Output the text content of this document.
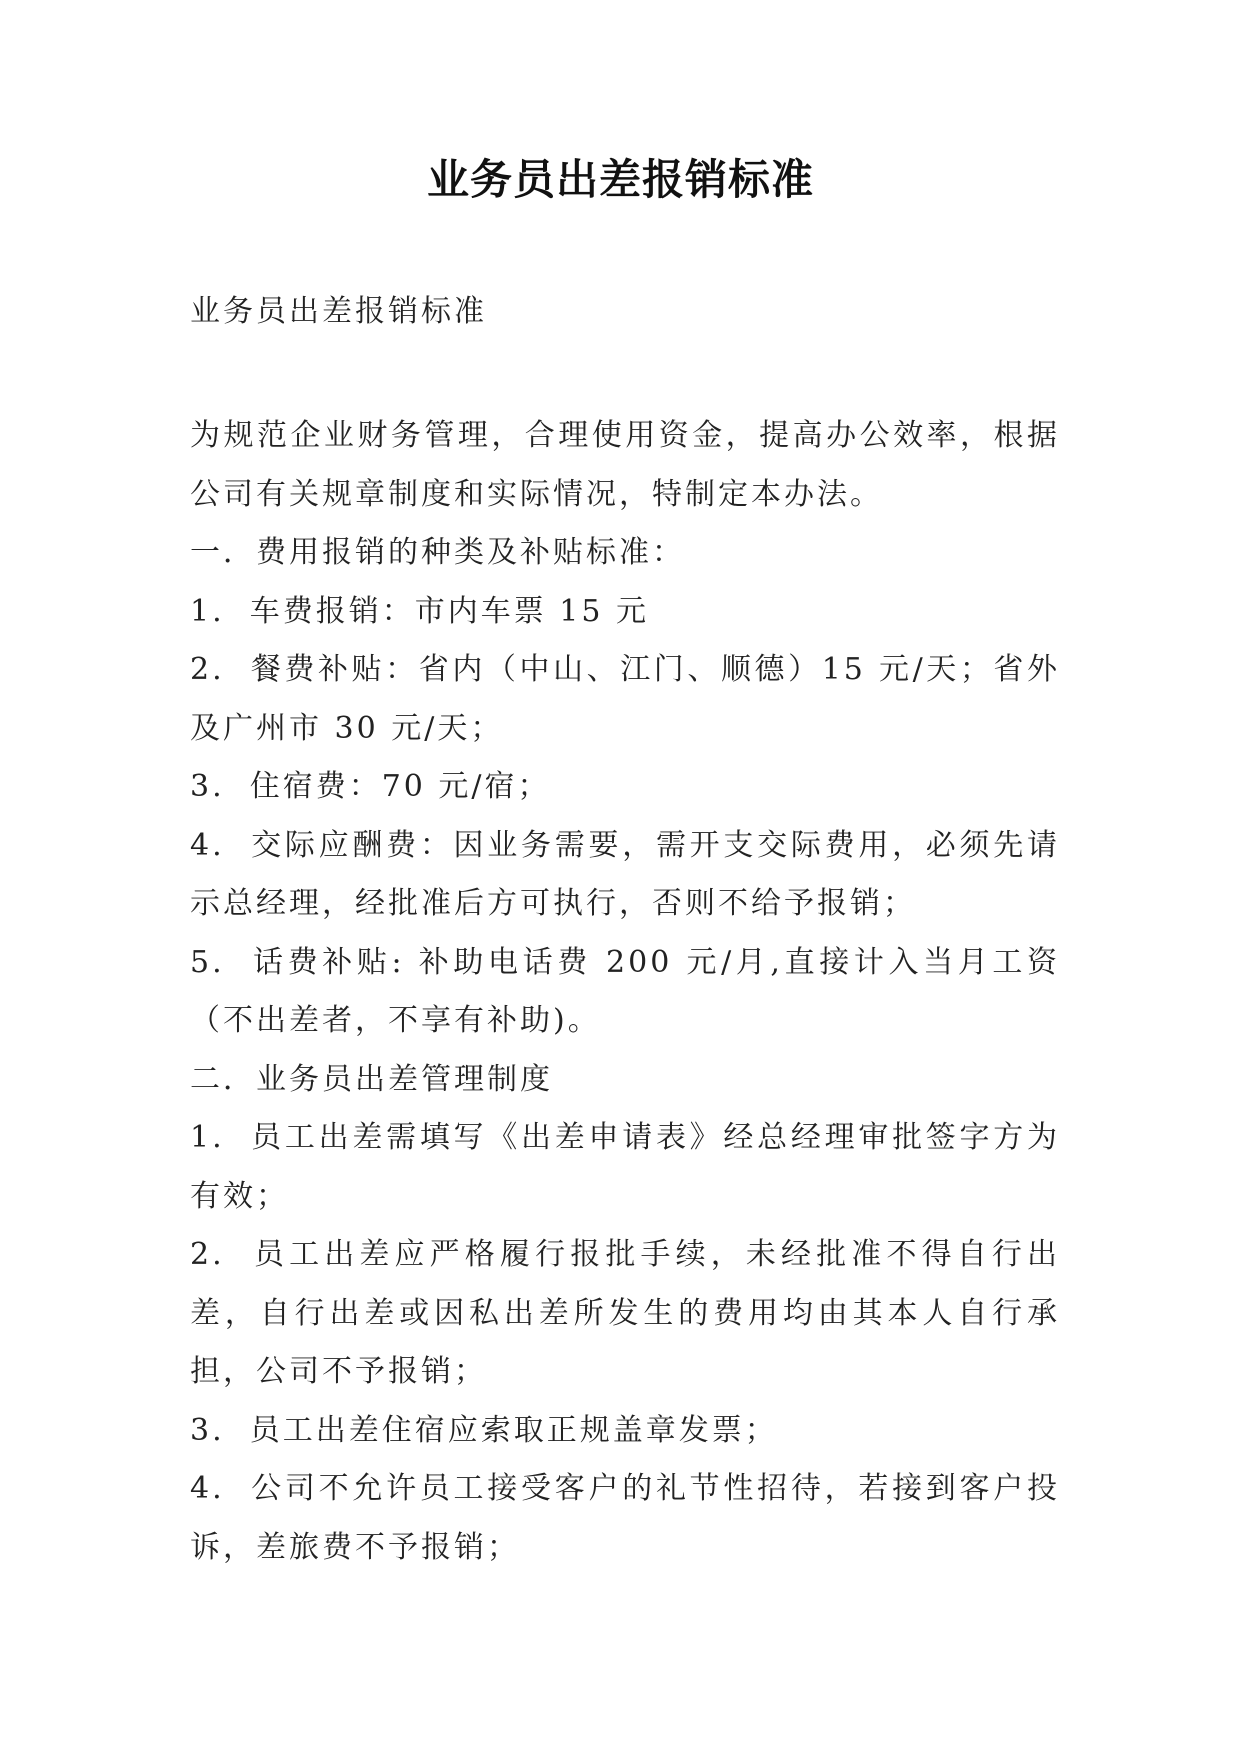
业务员出差报销标准
业务员出差报销标准

为规范企业财务管理，合理使用资金，提高办公效率，根据公司有关规章制度和实际情况，特制定本办法。

一．费用报销的种类及补贴标准：

1.  车费报销：市内车票 15 元

2.  餐费补贴：省内（中山、江门、顺德）15 元/天；省外及广州市 30 元/天；

3.  住宿费：70 元/宿；

4.  交际应酬费：因业务需要，需开支交际费用，必须先请示总经理，经批准后方可执行，否则不给予报销；

5.  话费补贴: 补助电话费 200 元/月,直接计入当月工资（不出差者，不享有补助)。

二．业务员出差管理制度

1.  员工出差需填写《出差申请表》经总经理审批签字方为有效；

2.  员工出差应严格履行报批手续，未经批准不得自行出差，自行出差或因私出差所发生的费用均由其本人自行承担，公司不予报销；

3.  员工出差住宿应索取正规盖章发票；

4.  公司不允许员工接受客户的礼节性招待，若接到客户投诉，差旅费不予报销；
